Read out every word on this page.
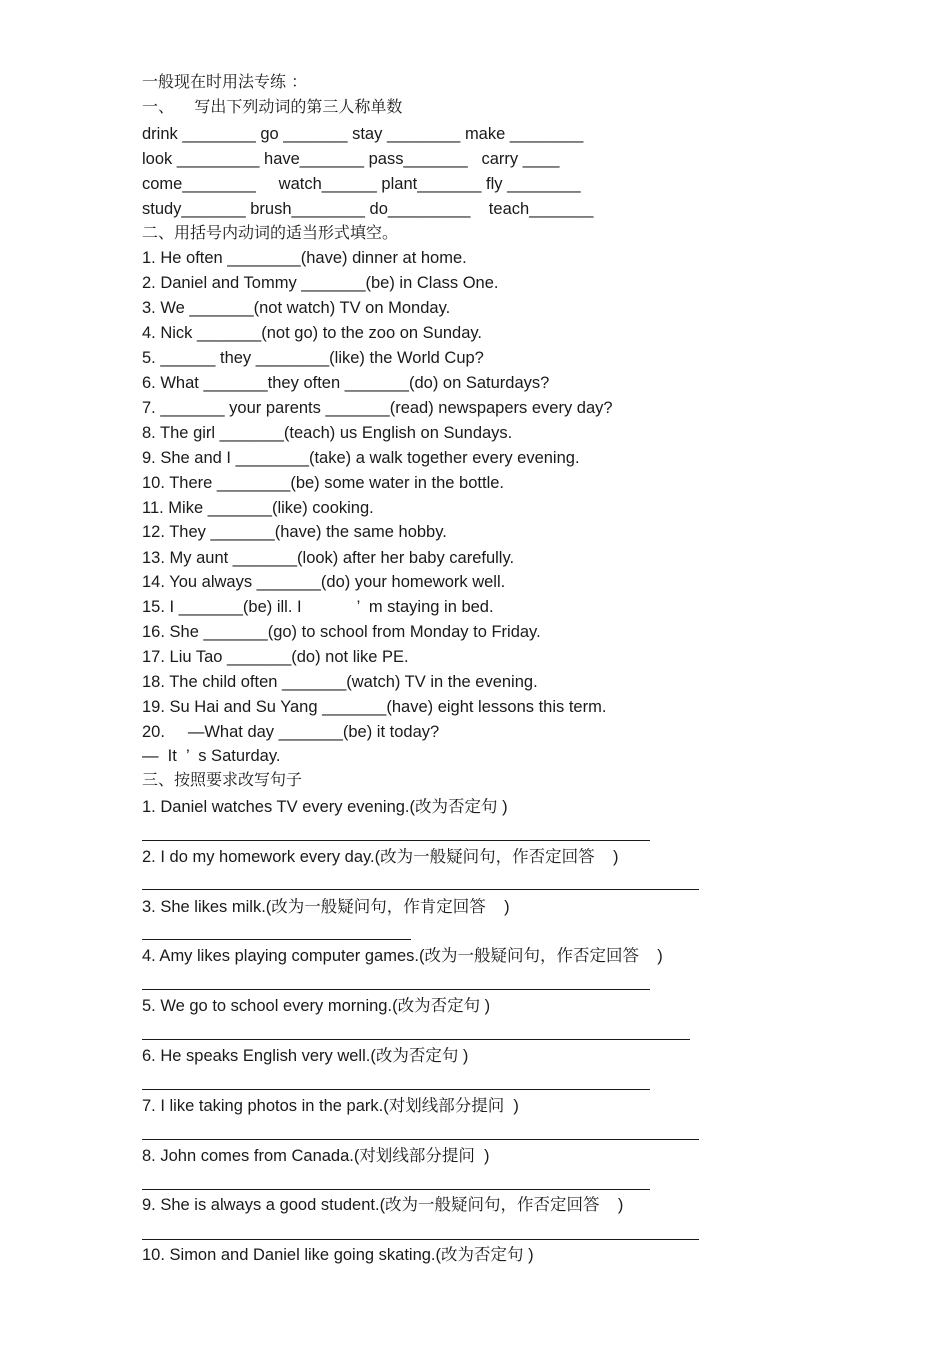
一般现在时用法专练 ：
一、    写出下列动词的第三人称单数
drink ________ go _______ stay ________ make ________
look _________ have_______ pass_______   carry ____
come________     watch______ plant_______ fly ________
study_______ brush________ do_________    teach_______
二、用括号内动词的适当形式填空。
1. He often ________(have) dinner at home.
2. Daniel and Tommy _______(be) in Class One.
3. We _______(not watch) TV on Monday.
4. Nick _______(not go) to the zoo on Sunday.
5. ______ they ________(like) the World Cup?
6. What _______they often _______(do) on Saturdays?
7. _______ your parents _______(read) newspapers every day?
8. The girl _______(teach) us English on Sundays.
9. She and I ________(take) a walk together every evening.
10. There ________(be) some water in the bottle.
11. Mike _______(like) cooking.
12. They _______(have) the same hobby.
13. My aunt _______(look) after her baby carefully.
14. You always _______(do) your homework well.
15. I _______(be) ill. I            ’  m staying in bed.
16. She _______(go) to school from Monday to Friday.
17. Liu Tao _______(do) not like PE.
18. The child often _______(watch) TV in the evening.
19. Su Hai and Su Yang _______(have) eight lessons this term.
20.     —What day _______(be) it today?
—  It  ’  s Saturday.
三、按照要求改写句子
1. Daniel watches TV every evening.(改为否定句 )
2. I do my homework every day.(改为一般疑问句，作否定回答    )
3. She likes milk.(改为一般疑问句，作肯定回答    )
4. Amy likes playing computer games.(改为一般疑问句，作否定回答    )
5. We go to school every morning.(改为否定句 )
6. He speaks English very well.(改为否定句 )
7. I like taking photos in the park.(对划线部分提问  )
8. John comes from Canada.(对划线部分提问  )
9. She is always a good student.(改为一般疑问句，作否定回答    )
10. Simon and Daniel like going skating.(改为否定句 )
